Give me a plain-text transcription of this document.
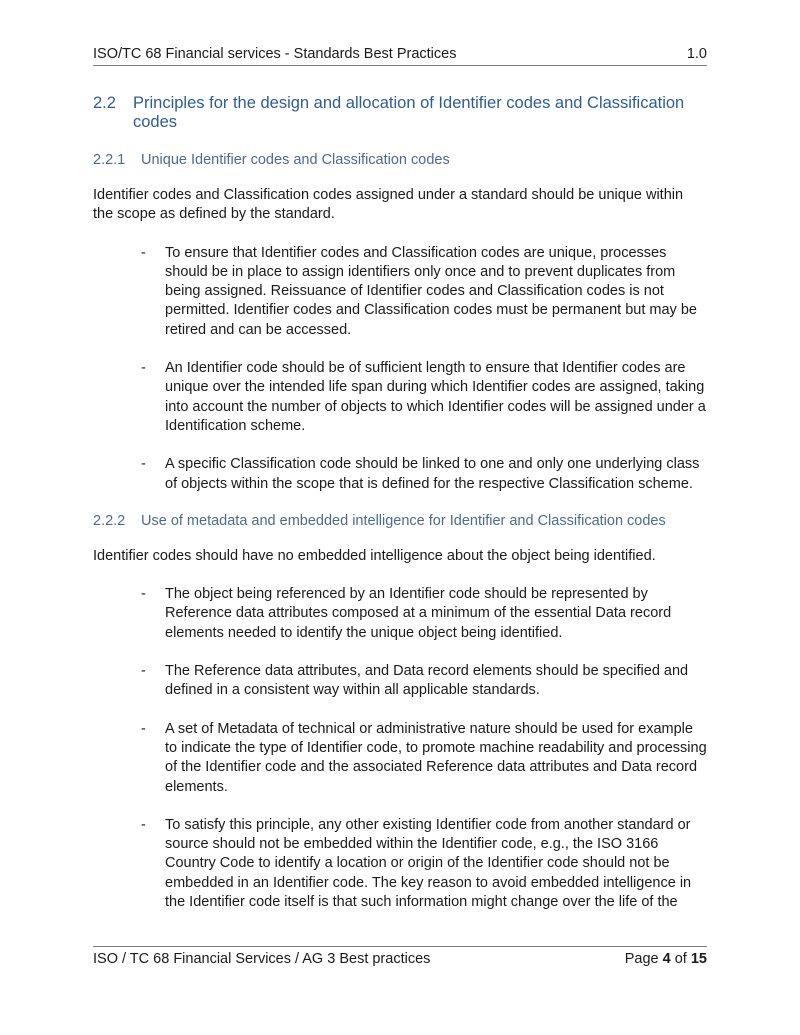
ISO/TC 68 Financial services - Standards Best Practices	1.0
2.2	Principles for the design and allocation of Identifier codes and Classification codes
2.2.1	Unique Identifier codes and Classification codes

Identifier codes and Classification codes assigned under a standard should be unique within the scope as defined by the standard.

- To ensure that Identifier codes and Classification codes are unique, processes should be in place to assign identifiers only once and to prevent duplicates from being assigned. Reissuance of Identifier codes and Classification codes is not permitted. Identifier codes and Classification codes must be permanent but may be retired and can be accessed.
- An Identifier code should be of sufficient length to ensure that Identifier codes are unique over the intended life span during which Identifier codes are assigned, taking into account the number of objects to which Identifier codes will be assigned under a Identification scheme.
- A specific Classification code should be linked to one and only one underlying class of objects within the scope that is defined for the respective Classification scheme.
2.2.2	Use of metadata and embedded intelligence for Identifier and Classification codes

Identifier codes should have no embedded intelligence about the object being identified.

- The object being referenced by an Identifier code should be represented by Reference data attributes composed at a minimum of the essential Data record elements needed to identify the unique object being identified.
- The Reference data attributes, and Data record elements should be specified and defined in a consistent way within all applicable standards.
- A set of Metadata of technical or administrative nature should be used for example to indicate the type of Identifier code, to promote machine readability and processing of the Identifier code and the associated Reference data attributes and Data record elements.
- To satisfy this principle, any other existing Identifier code from another standard or source should not be embedded within the Identifier code, e.g., the ISO 3166 Country Code to identify a location or origin of the Identifier code should not be embedded in an Identifier code. The key reason to avoid embedded intelligence in the Identifier code itself is that such information might change over the life of the
ISO / TC 68 Financial Services / AG 3 Best practices	Page 4 of 15
